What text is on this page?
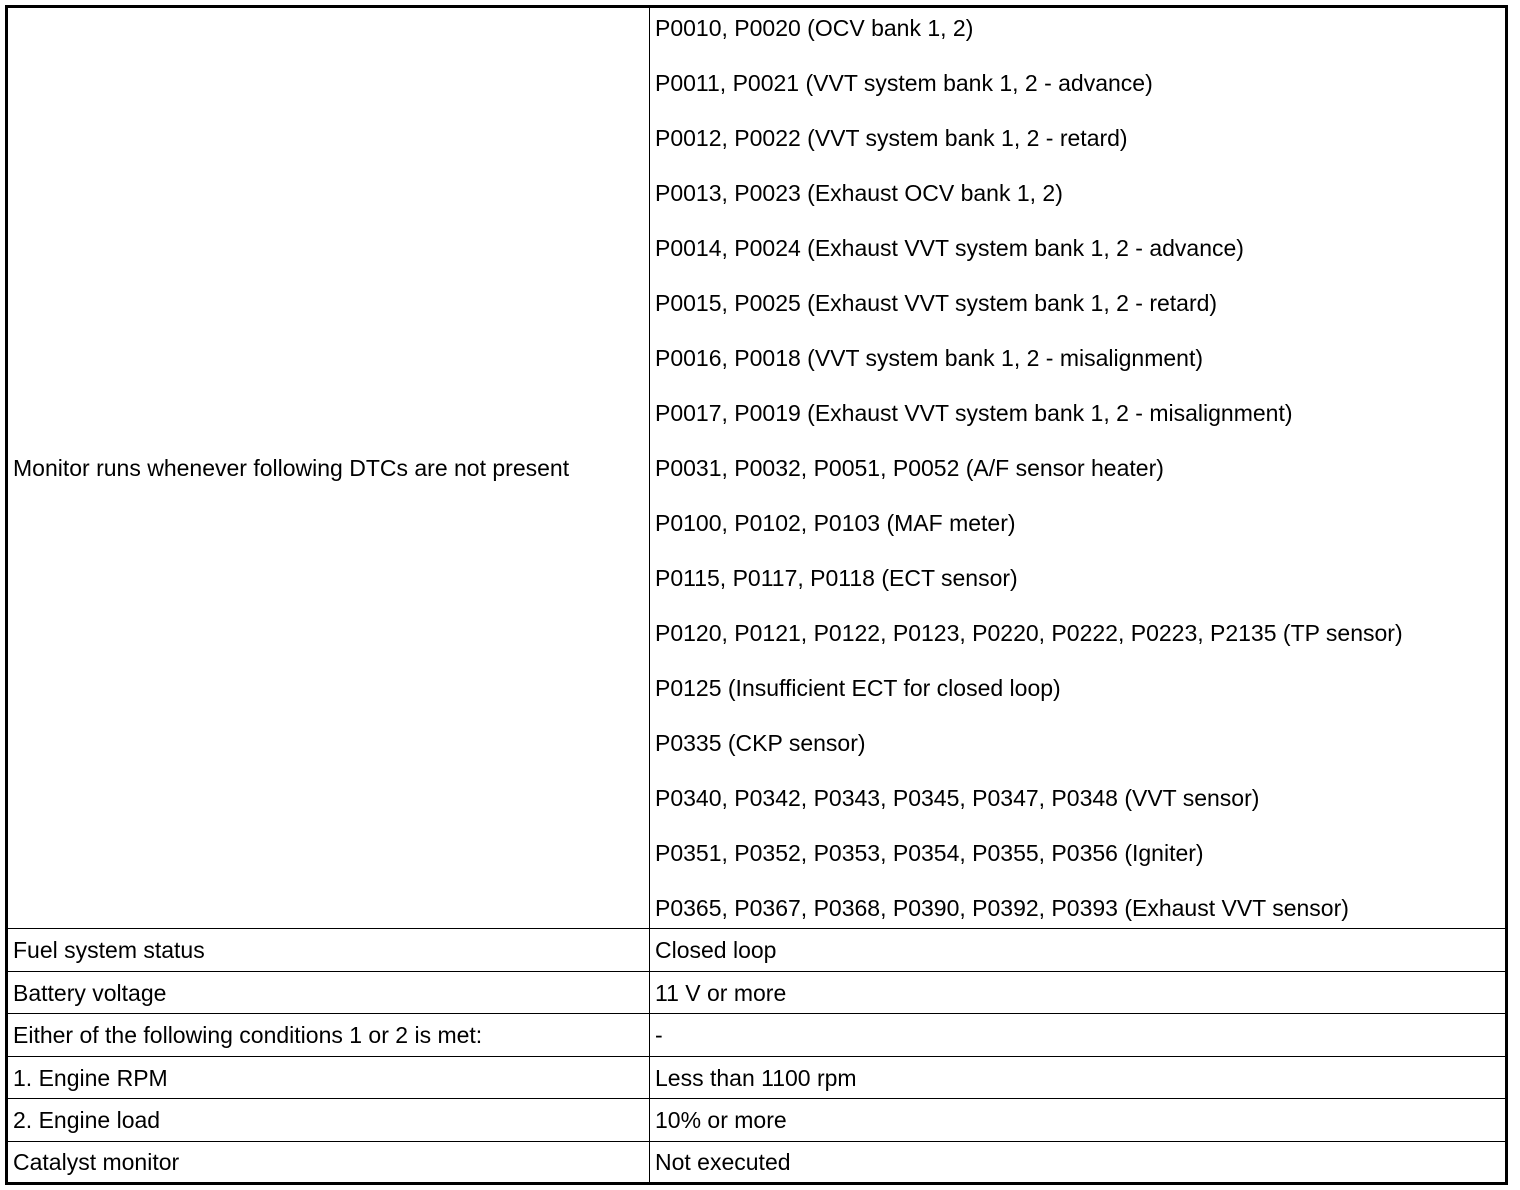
Monitor runs whenever following DTCs are not present
P0010, P0020 (OCV bank 1, 2)
P0011, P0021 (VVT system bank 1, 2 - advance)
P0012, P0022 (VVT system bank 1, 2 - retard)
P0013, P0023 (Exhaust OCV bank 1, 2)
P0014, P0024 (Exhaust VVT system bank 1, 2 - advance)
P0015, P0025 (Exhaust VVT system bank 1, 2 - retard)
P0016, P0018 (VVT system bank 1, 2 - misalignment)
P0017, P0019 (Exhaust VVT system bank 1, 2 - misalignment)
P0031, P0032, P0051, P0052 (A/F sensor heater)
P0100, P0102, P0103 (MAF meter)
P0115, P0117, P0118 (ECT sensor)
P0120, P0121, P0122, P0123, P0220, P0222, P0223, P2135 (TP sensor)
P0125 (Insufficient ECT for closed loop)
P0335 (CKP sensor)
P0340, P0342, P0343, P0345, P0347, P0348 (VVT sensor)
P0351, P0352, P0353, P0354, P0355, P0356 (Igniter)
P0365, P0367, P0368, P0390, P0392, P0393 (Exhaust VVT sensor)
Fuel system status	Closed loop
Battery voltage	11 V or more
Either of the following conditions 1 or 2 is met:	-
1. Engine RPM	Less than 1100 rpm
2. Engine load	10% or more
Catalyst monitor	Not executed
